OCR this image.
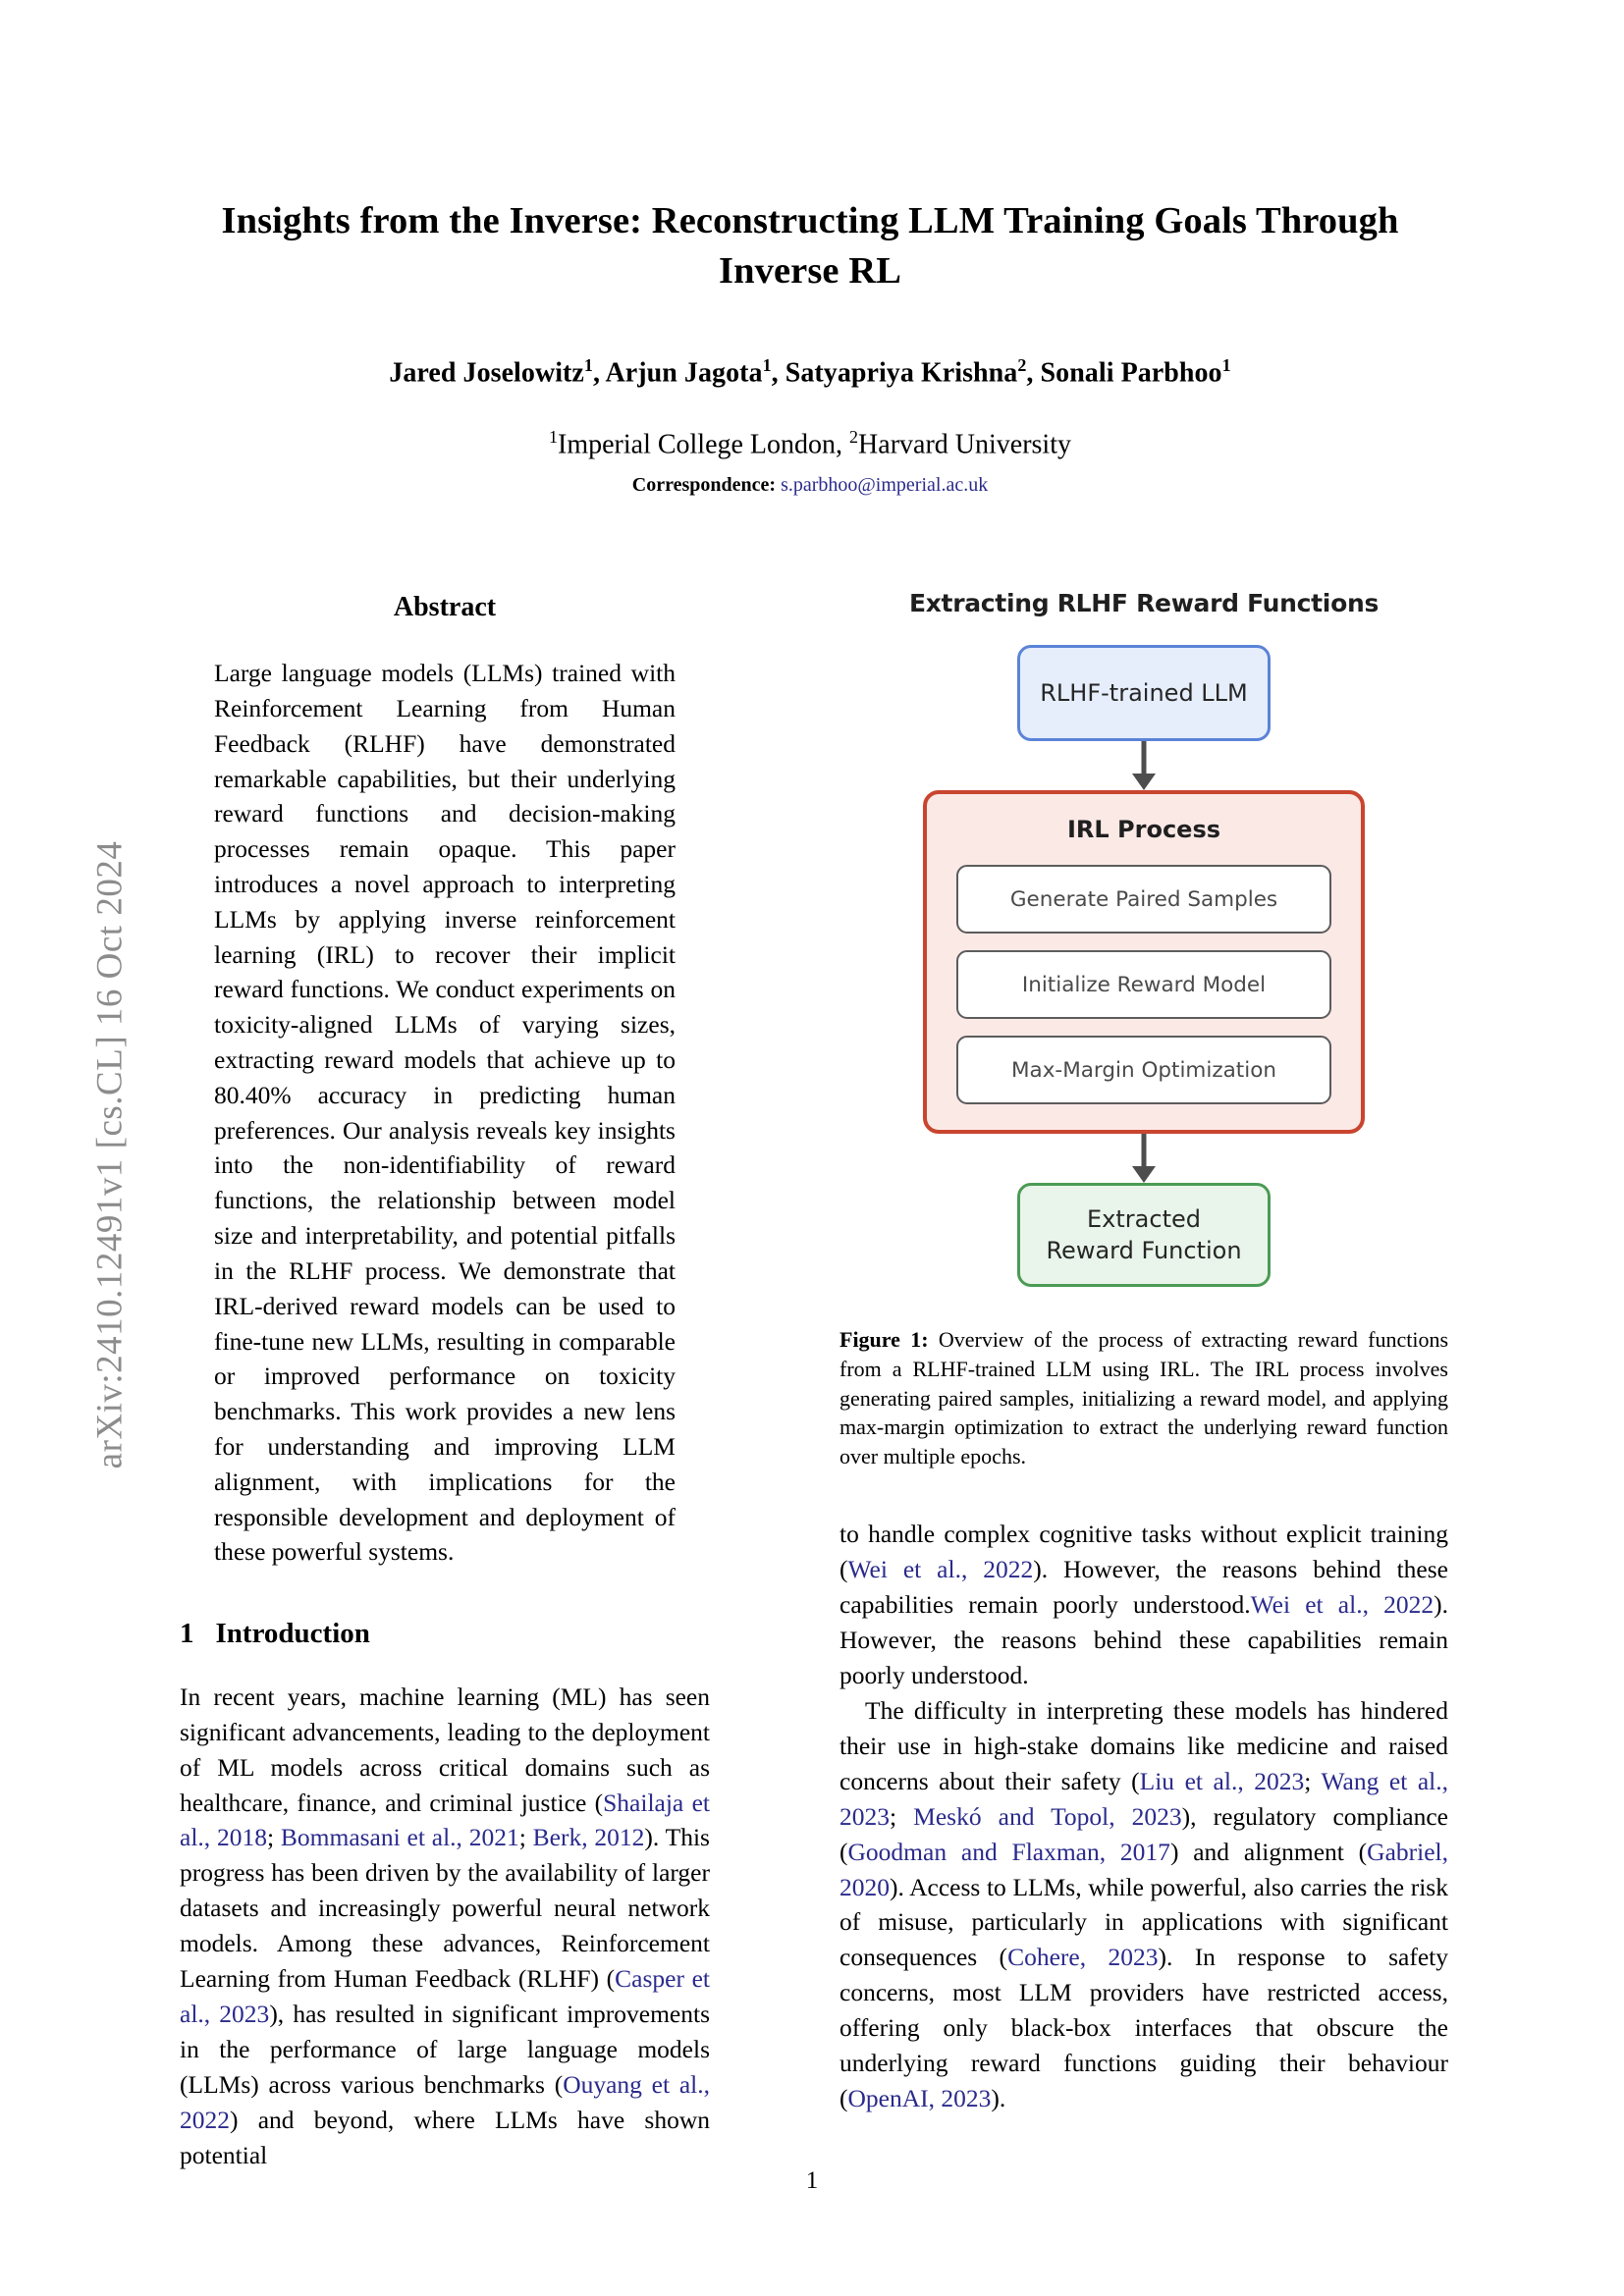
arXiv:2410.12491v1 [cs.CL] 16 Oct 2024
Insights from the Inverse: Reconstructing LLM Training Goals Through Inverse RL
Jared Joselowitz$^1$, Arjun Jagota$^1$, Satyapriya Krishna$^2$, Sonali Parbhoo$^1$
$^1$Imperial College London, $^2$Harvard University
Correspondence: s.parbhoo@imperial.ac.uk
Abstract
Large language models (LLMs) trained with Reinforcement Learning from Human Feedback (RLHF) have demonstrated remarkable capabilities, but their underlying reward functions and decision-making processes remain opaque. This paper introduces a novel approach to interpreting LLMs by applying inverse reinforcement learning (IRL) to recover their implicit reward functions. We conduct experiments on toxicity-aligned LLMs of varying sizes, extracting reward models that achieve up to 80.40% accuracy in predicting human preferences. Our analysis reveals key insights into the non-identifiability of reward functions, the relationship between model size and interpretability, and potential pitfalls in the RLHF process. We demonstrate that IRL-derived reward models can be used to fine-tune new LLMs, resulting in comparable or improved performance on toxicity benchmarks. This work provides a new lens for understanding and improving LLM alignment, with implications for the responsible development and deployment of these powerful systems.
1 Introduction

In recent years, machine learning (ML) has seen significant advancements, leading to the deployment of ML models across critical domains such as healthcare, finance, and criminal justice (Shailaja et al., 2018; Bommasani et al., 2021; Berk, 2012). This progress has been driven by the availability of larger datasets and increasingly powerful neural network models. Among these advances, Reinforcement Learning from Human Feedback (RLHF) (Casper et al., 2023), has resulted in significant improvements in the performance of large language models (LLMs) across various benchmarks (Ouyang et al., 2022) and beyond, where LLMs have shown potential

Extracting RLHF Reward Functions
RLHF-trained LLM
IRL Process
Generate Paired Samples
Initialize Reward Model
Max-Margin Optimization
Extracted
Reward Function
Figure 1: Overview of the process of extracting reward functions from a RLHF-trained LLM using IRL. The IRL process involves generating paired samples, initializing a reward model, and applying max-margin optimization to extract the underlying reward function over multiple epochs.

to handle complex cognitive tasks without explicit training (Wei et al., 2022). However, the reasons behind these capabilities remain poorly understood.Wei et al., 2022). However, the reasons behind these capabilities remain poorly understood.

The difficulty in interpreting these models has hindered their use in high-stake domains like medicine and raised concerns about their safety (Liu et al., 2023; Wang et al., 2023; Meskó and Topol, 2023), regulatory compliance (Goodman and Flaxman, 2017) and alignment (Gabriel, 2020). Access to LLMs, while powerful, also carries the risk of misuse, particularly in applications with significant consequences (Cohere, 2023). In response to safety concerns, most LLM providers have restricted access, offering only black-box interfaces that obscure the underlying reward functions guiding their behaviour (OpenAI, 2023).

1
